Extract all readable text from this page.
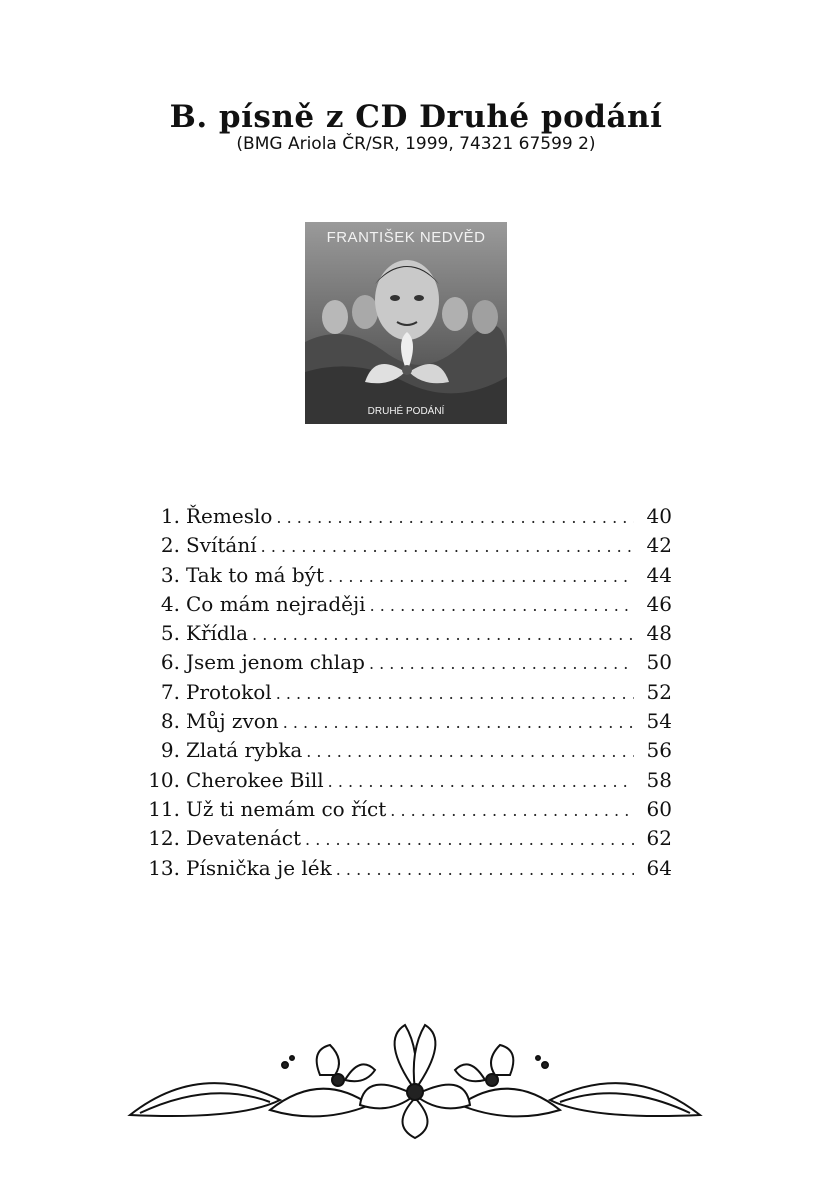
B. písně z CD Druhé podání
(BMG Ariola ČR/SR, 1999, 74321 67599 2)
FRANTIŠEK NEDVĚD
DRUHÉ PODÁNÍ
1. Řemeslo . . .	40
2. Svítání . . .	42
3. Tak to má být . . .	44
4. Co mám nejraději . . .	46
5. Křídla . . .	48
6. Jsem jenom chlap . . .	50
7. Protokol . . .	52
8. Můj zvon . . .	54
9. Zlatá rybka . . .	56
10. Cherokee Bill . . .	58
11. Už ti nemám co říct . . .	60
12. Devatenáct . . .	62
13. Písnička je lék . . .	64
